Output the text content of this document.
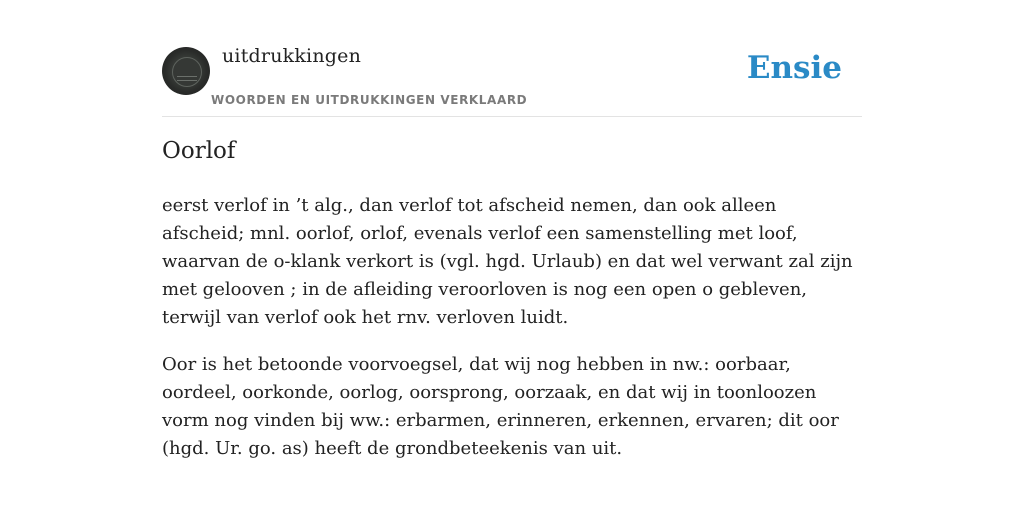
uitdrukkingen
WOORDEN EN UITDRUKKINGEN VERKLAARD
Ensie
Oorlof

eerst verlof in ’t alg., dan verlof tot afscheid nemen, dan ook alleen afscheid; mnl. oorlof, orlof, evenals verlof een samenstelling met loof, waarvan de o-klank verkort is (vgl. hgd. Urlaub) en dat wel verwant zal zijn met gelooven ; in de afleiding veroorloven is nog een open o gebleven, terwijl van verlof ook het rnv. verloven luidt.

Oor is het betoonde voorvoegsel, dat wij nog hebben in nw.: oorbaar, oordeel, oorkonde, oorlog, oorsprong, oorzaak, en dat wij in toonloozen vorm nog vinden bij ww.: erbarmen, erinneren, erkennen, ervaren; dit oor (hgd. Ur. go. as) heeft de grondbeteekenis van uit.
